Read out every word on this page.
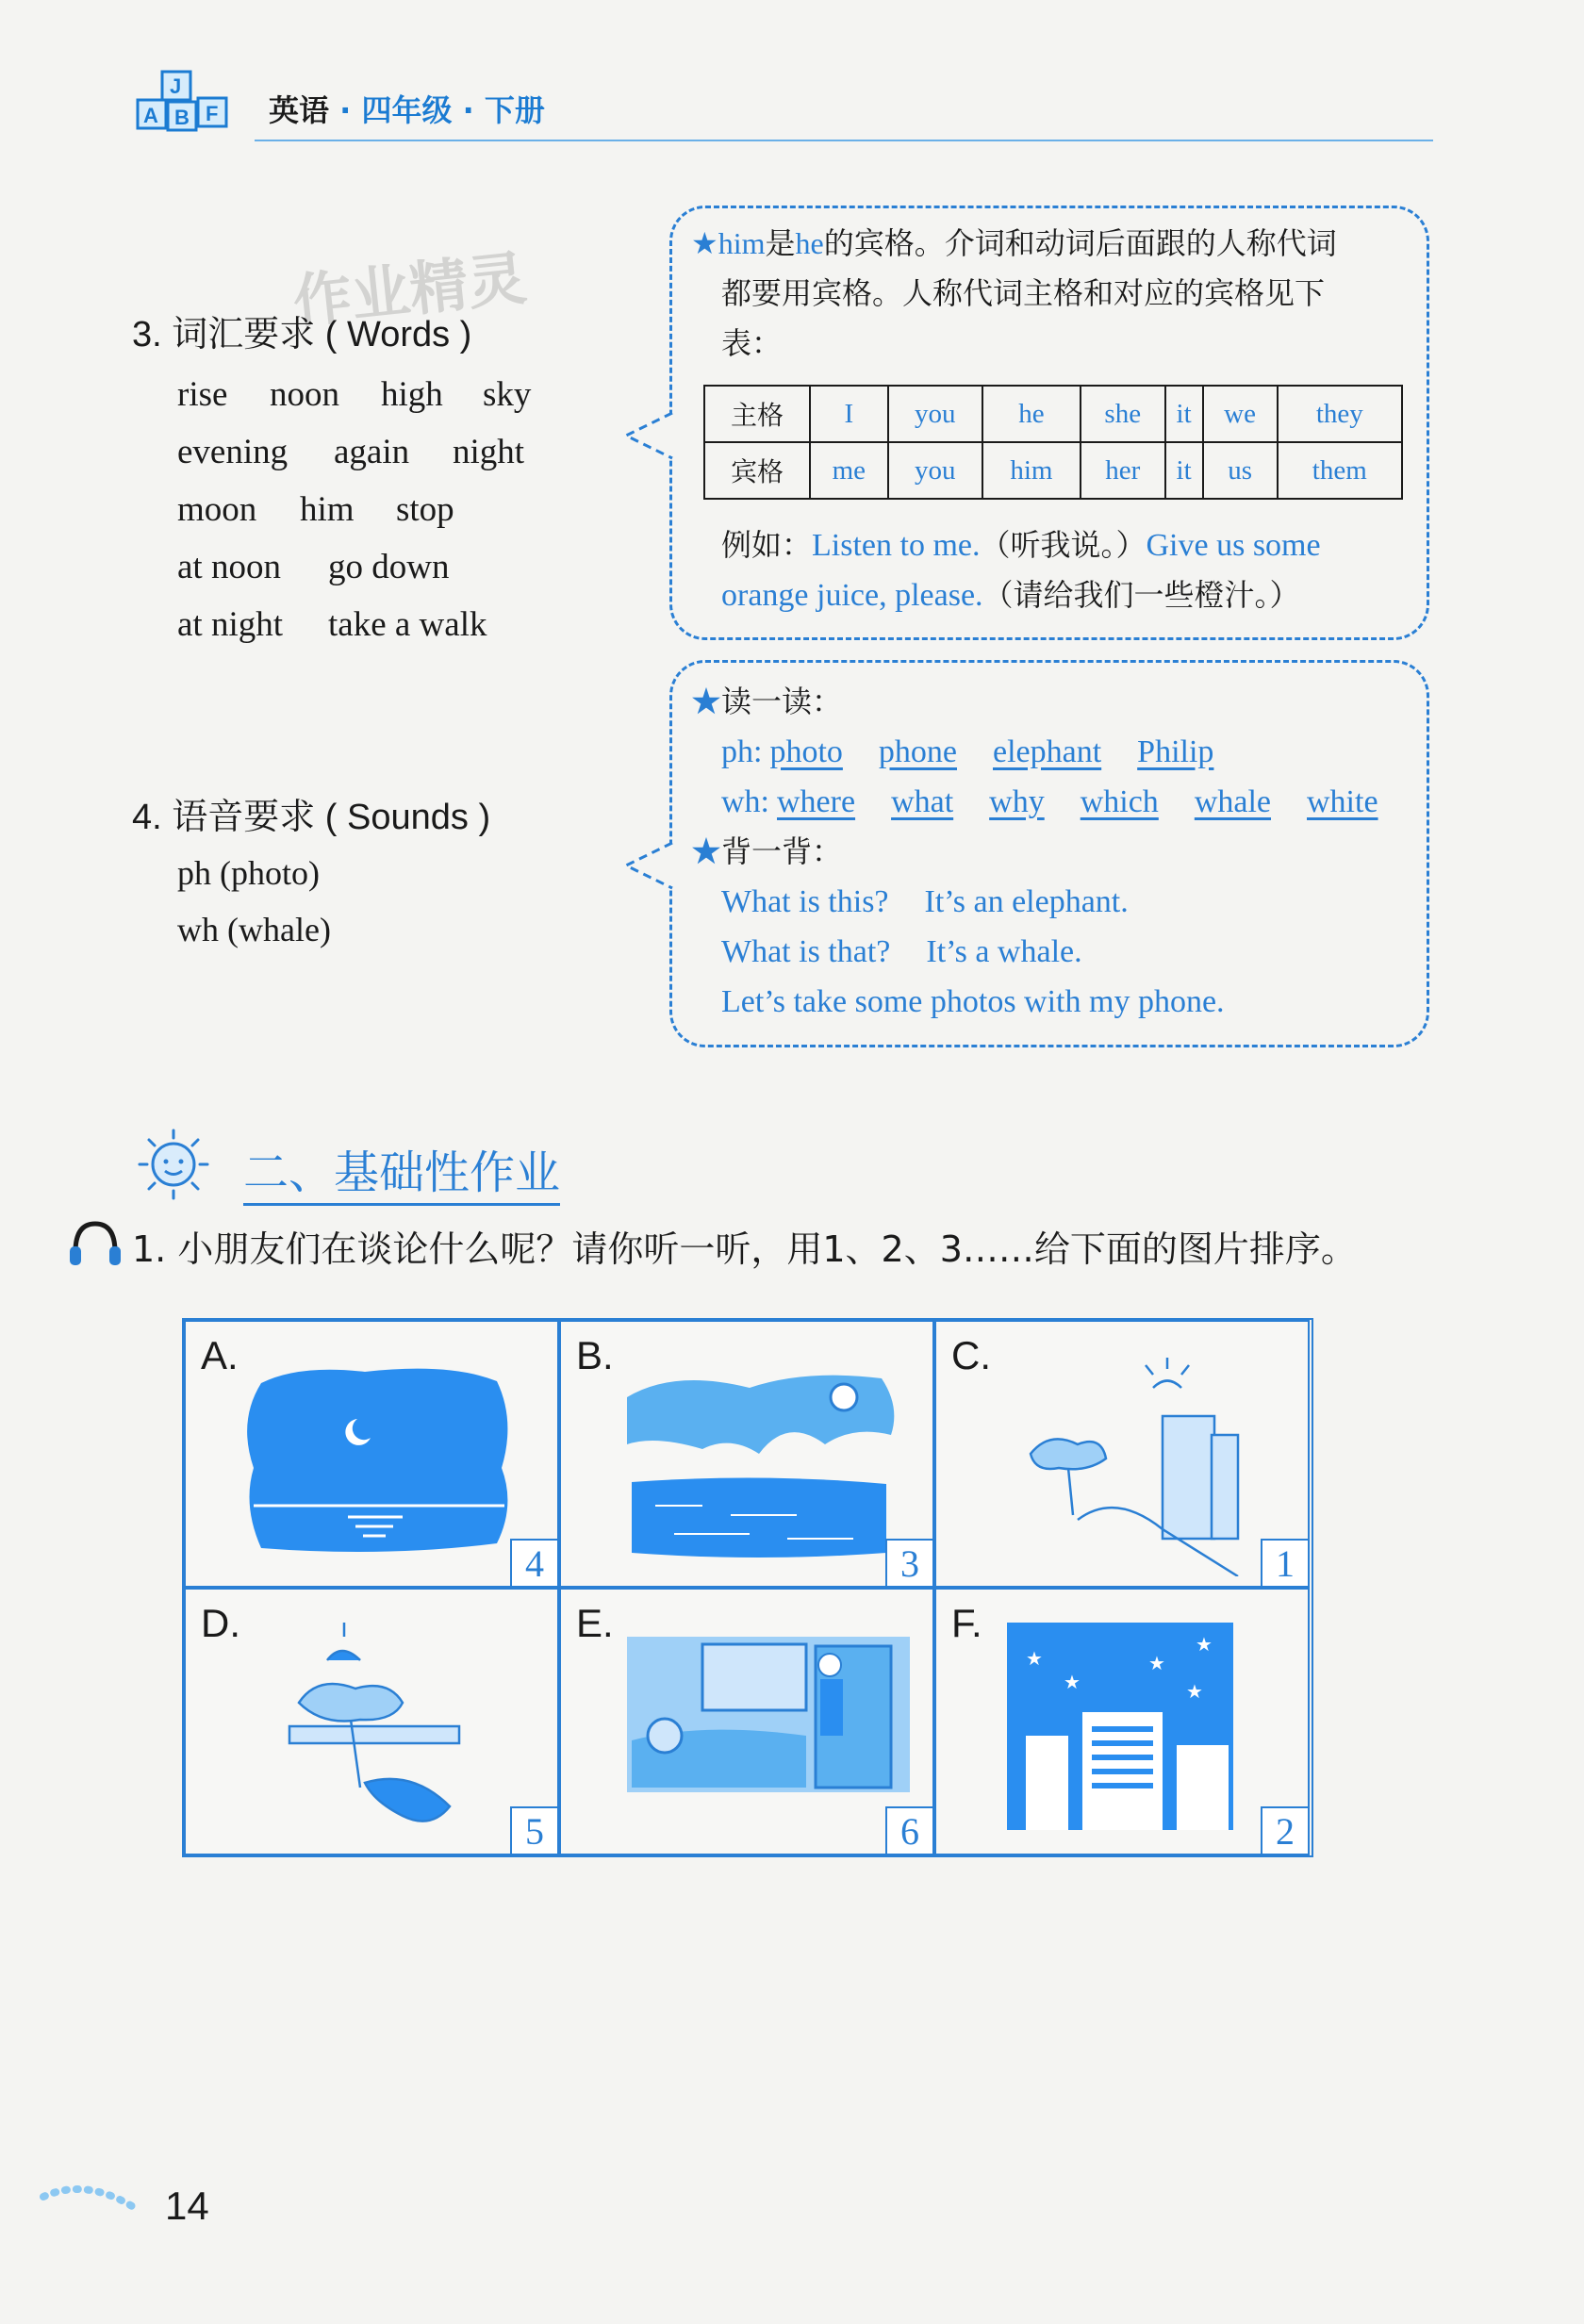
J
A B F 英语 · 四年级 · 下册
作业精灵
3. 词汇要求 ( Words )
rise	noon	high	sky
evening	again	night
moon	him	stop
at noon	go down
at night	take a walk
4. 语音要求 ( Sounds )
ph (photo)
wh (whale)
★him是he的宾格。介词和动词后面跟的人称代词
都要用宾格。人称代词主格和对应的宾格见下
表：
主格	I	you	he	she	it	we	they
宾格	me	you	him	her	it	us	them
例如：Listen to me.（听我说。）Give us some
orange juice, please.（请给我们一些橙汁。）
★读一读：
ph: photo phone elephant Philip
wh: where what why which whale white
★背一背：
What is this? It’s an elephant.
What is that? It’s a whale.
Let’s take some photos with my phone.
二、基础性作业
1. 小朋友们在谈论什么呢？请你听一听，用1、2、3……给下面的图片排序。
A.
4
B.
3
C.
1
D.
5
E.
6
F.
★
★
★
★
★
2
14
